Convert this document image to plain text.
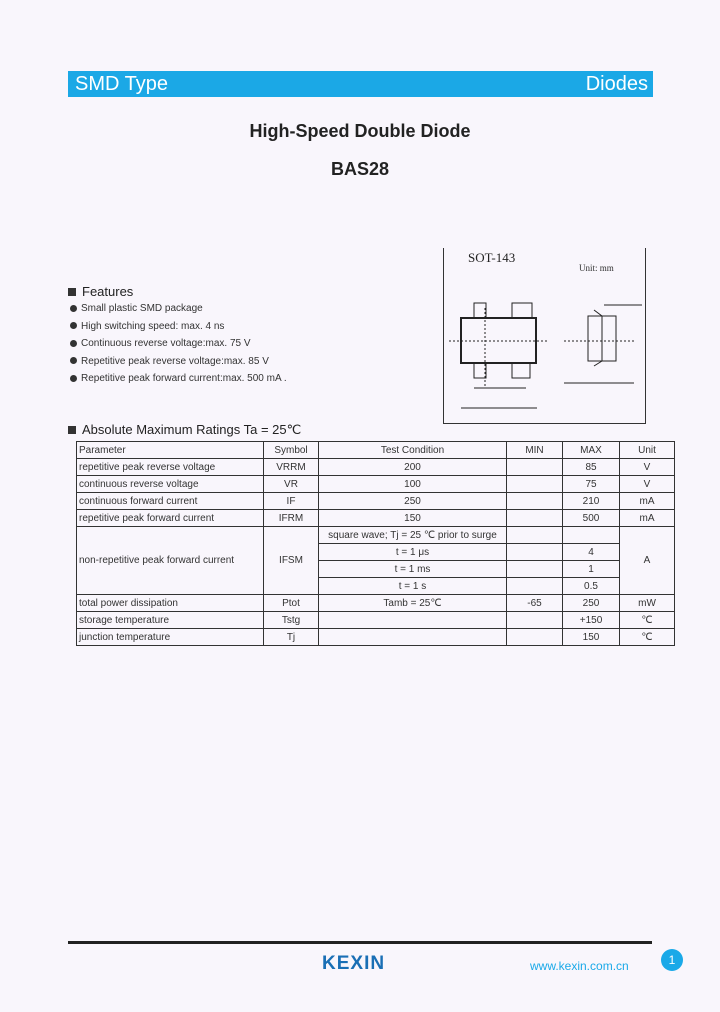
SMD Type	Diodes
High-Speed Double Diode
BAS28
Features
SOT-143
Unit: mm
Absolute Maximum Ratings Ta = 25℃
Parameter	Symbol	Test Condition	MIN	MAX	Unit
repetitive peak reverse voltage	VRRM	200		85	V
continuous reverse voltage	VR	100		75	V
continuous forward current	IF	250		210	mA
repetitive peak forward current	IFRM	150		500	mA
non-repetitive peak forward current	IFSM	square wave; Tj = 25 ℃ prior to surge			A
		t = 1 μs		4	
		t = 1 ms		1	
		t = 1 s		0.5	
total power dissipation	Ptot	Tamb = 25℃	-65	250	mW
storage temperature	Tstg			+150	℃
junction temperature	Tj			150	℃
KEXIN	www.kexin.com.cn	1
Small plastic SMD package
High switching speed: max. 4 ns
Continuous reverse voltage:max. 75 V
Repetitive peak reverse voltage:max. 85 V
Repetitive peak forward current:max. 500 mA .
